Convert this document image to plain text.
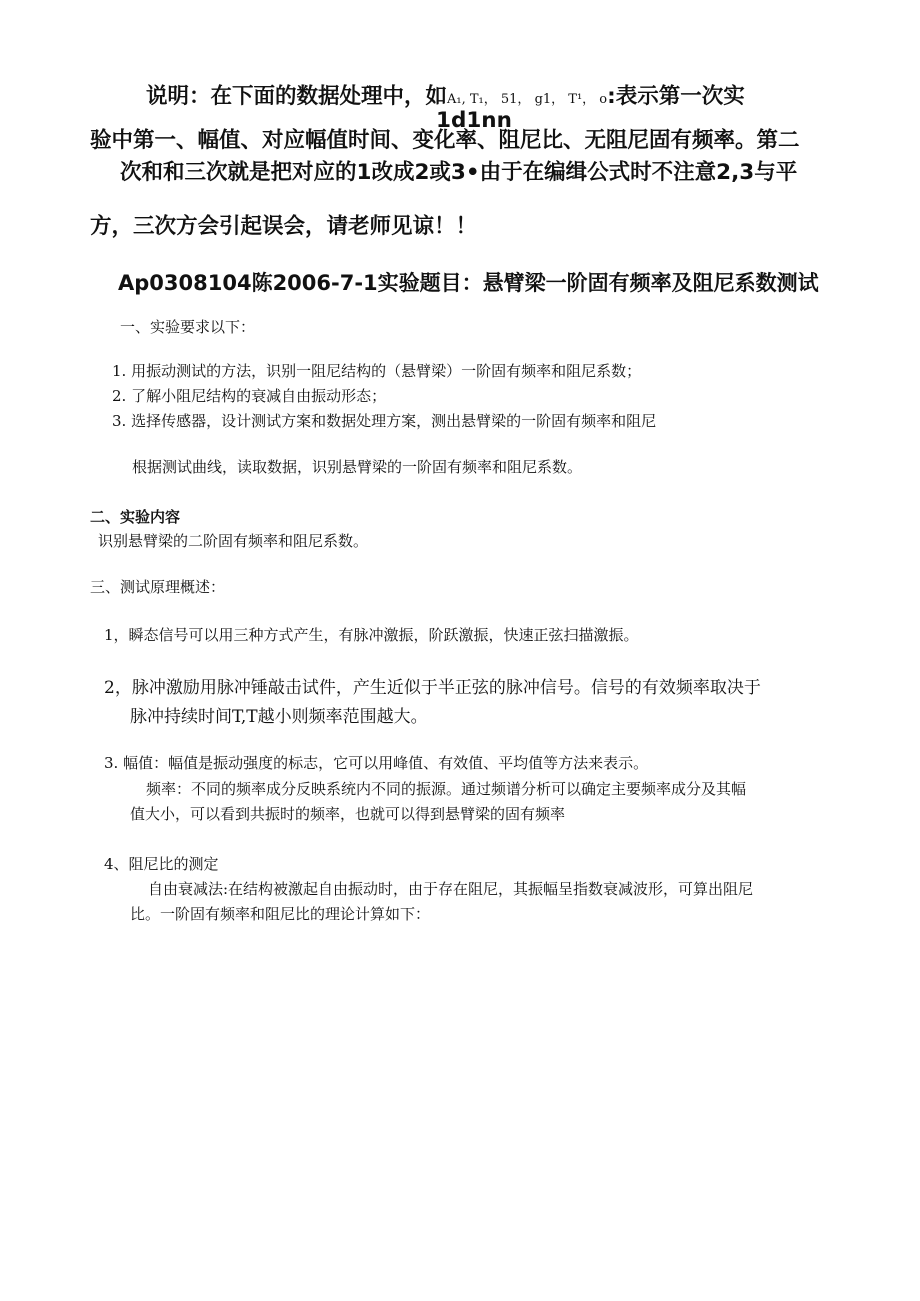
说明：在下面的数据处理中，如A₁, T₁， 51， g1， T¹， o:表示第一次实
1d1nn
验中第一、幅值、对应幅值时间、变化率、阻尼比、无阻尼固有频率。第二
次和和三次就是把对应的1改成2或3•由于在编缉公式时不注意2,3与平
方，三次方会引起误会，请老师见谅！！
Ap0308104陈2006-7-1实验题目：悬臂梁一阶固有频率及阻尼系数测试
一、实验要求以下：
1. 用振动测试的方法，识别一阻尼结构的（悬臂梁）一阶固有频率和阻尼系数；
2. 了解小阻尼结构的衰减自由振动形态；
3. 选择传感器，设计测试方案和数据处理方案，测出悬臂梁的一阶固有频率和阻尼
根据测试曲线，读取数据，识别悬臂梁的一阶固有频率和阻尼系数。
二、实验内容
识别悬臂梁的二阶固有频率和阻尼系数。
三、测试原理概述：
1，瞬态信号可以用三种方式产生，有脉冲激振，阶跃激振，快速正弦扫描激振。
2，脉冲激励用脉冲锤敲击试件，产生近似于半正弦的脉冲信号。信号的有效频率取决于
脉冲持续时间T,T越小则频率范围越大。
3. 幅值：幅值是振动强度的标志，它可以用峰值、有效值、平均值等方法来表示。
频率：不同的频率成分反映系统内不同的振源。通过频谱分析可以确定主要频率成分及其幅
值大小，可以看到共振时的频率，也就可以得到悬臂梁的固有频率
4、阻尼比的测定
自由衰减法:在结构被激起自由振动时，由于存在阻尼，其振幅呈指数衰减波形，可算出阻尼
比。一阶固有频率和阻尼比的理论计算如下：
